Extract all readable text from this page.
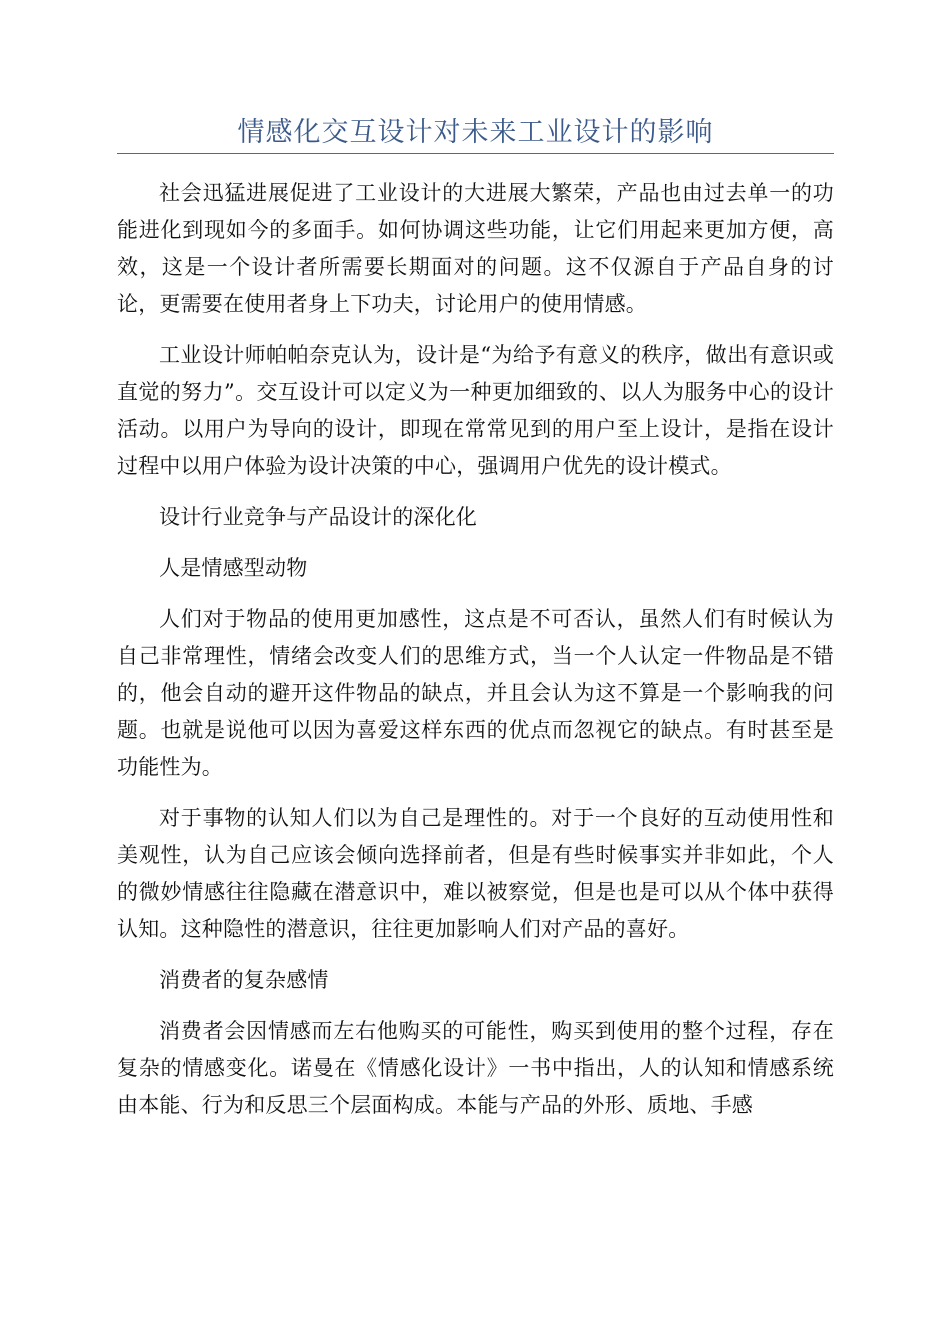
情感化交互设计对未来工业设计的影响

社会迅猛进展促进了工业设计的大进展大繁荣，产品也由过去单一的功能进化到现如今的多面手。如何协调这些功能，让它们用起来更加方便，高效，这是一个设计者所需要长期面对的问题。这不仅源自于产品自身的讨论，更需要在使用者身上下功夫，讨论用户的使用情感。

工业设计师帕帕奈克认为，设计是“为给予有意义的秩序，做出有意识或直觉的努力”。交互设计可以定义为一种更加细致的、以人为服务中心的设计活动。以用户为导向的设计，即现在常常见到的用户至上设计，是指在设计过程中以用户体验为设计决策的中心，强调用户优先的设计模式。

设计行业竞争与产品设计的深化化

人是情感型动物

人们对于物品的使用更加感性，这点是不可否认，虽然人们有时候认为自己非常理性，情绪会改变人们的思维方式，当一个人认定一件物品是不错的，他会自动的避开这件物品的缺点，并且会认为这不算是一个影响我的问题。也就是说他可以因为喜爱这样东西的优点而忽视它的缺点。有时甚至是功能性为。

对于事物的认知人们以为自己是理性的。对于一个良好的互动使用性和美观性，认为自己应该会倾向选择前者，但是有些时候事实并非如此，个人的微妙情感往往隐藏在潜意识中，难以被察觉，但是也是可以从个体中获得认知。这种隐性的潜意识，往往更加影响人们对产品的喜好。

消费者的复杂感情

消费者会因情感而左右他购买的可能性，购买到使用的整个过程，存在复杂的情感变化。诺曼在《情感化设计》一书中指出，人的认知和情感系统由本能、行为和反思三个层面构成。本能与产品的外形、质地、手感
